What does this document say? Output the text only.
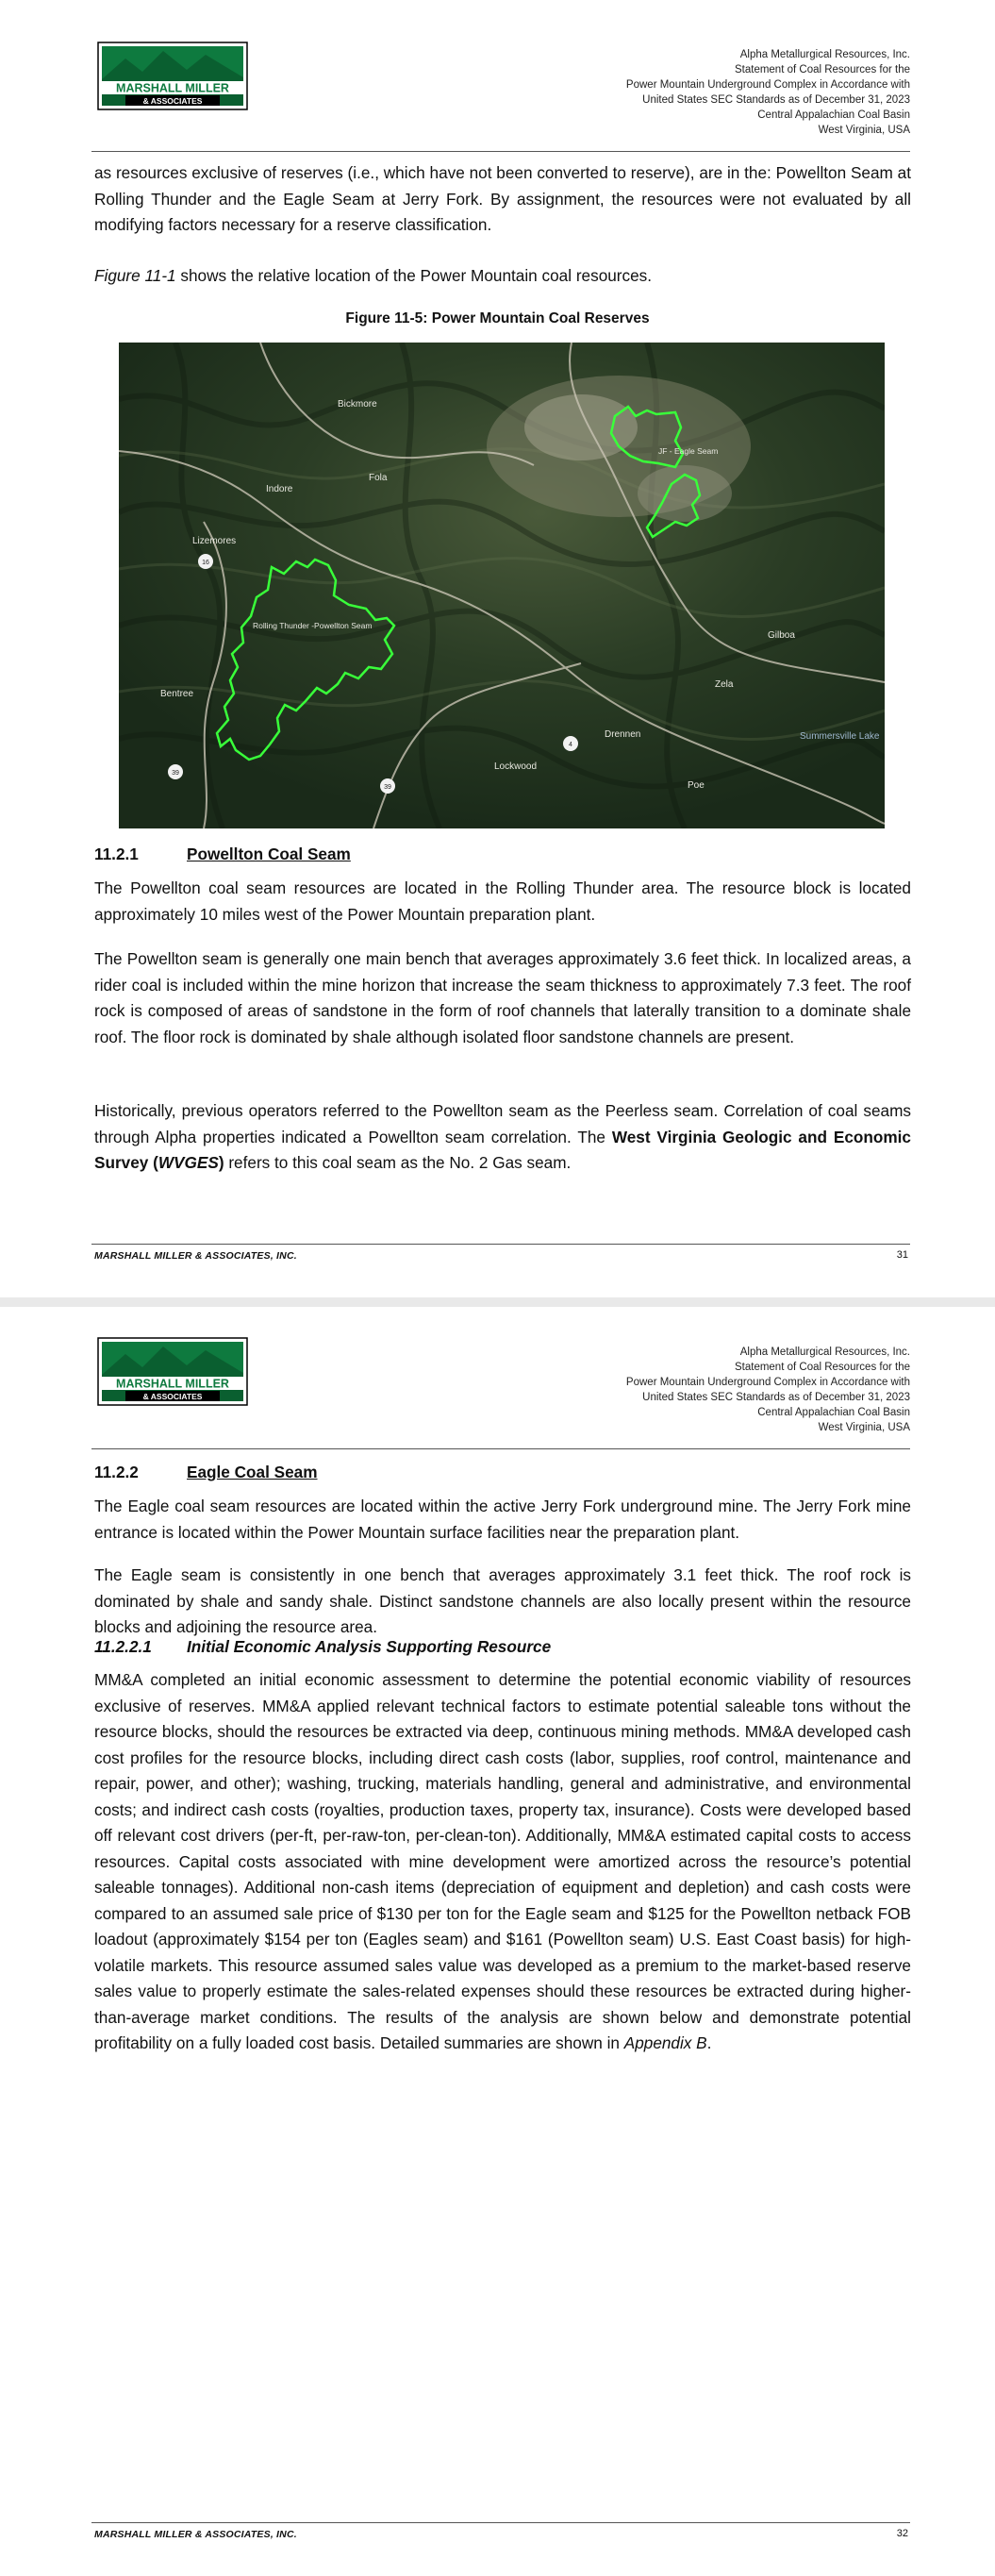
MARSHALL MILLER
& ASSOCIATES
Alpha Metallurgical Resources, Inc.
Statement of Coal Resources for the
Power Mountain Underground Complex in Accordance with
United States SEC Standards as of December 31, 2023
Central Appalachian Coal Basin
West Virginia, USA

as resources exclusive of reserves (i.e., which have not been converted to reserve), are in the: Powellton Seam at Rolling Thunder and the Eagle Seam at Jerry Fork. By assignment, the resources were not evaluated by all modifying factors necessary for a reserve classification.

Figure 11-1 shows the relative location of the Power Mountain coal resources.

Figure 11-5: Power Mountain Coal Reserves
16
39
39
4
Bickmore
Indore
Fola
Lizemores
Rolling Thunder -Powellton Seam
JF - Eagle Seam
Gilboa
Bentree
Zela
Summersville Lake
Drennen
Lockwood
Poe
11.2.1	Powellton Coal Seam

The Powellton coal seam resources are located in the Rolling Thunder area. The resource block is located approximately 10 miles west of the Power Mountain preparation plant.

The Powellton seam is generally one main bench that averages approximately 3.6 feet thick. In localized areas, a rider coal is included within the mine horizon that increase the seam thickness to approximately 7.3 feet. The roof rock is composed of areas of sandstone in the form of roof channels that laterally transition to a dominate shale roof. The floor rock is dominated by shale although isolated floor sandstone channels are present.

Historically, previous operators referred to the Powellton seam as the Peerless seam. Correlation of coal seams through Alpha properties indicated a Powellton seam correlation. The West Virginia Geologic and Economic Survey (WVGES) refers to this coal seam as the No. 2 Gas seam.

MARSHALL MILLER & ASSOCIATES, INC.	31
MARSHALL MILLER
& ASSOCIATES
Alpha Metallurgical Resources, Inc.
Statement of Coal Resources for the
Power Mountain Underground Complex in Accordance with
United States SEC Standards as of December 31, 2023
Central Appalachian Coal Basin
West Virginia, USA
11.2.2	Eagle Coal Seam

The Eagle coal seam resources are located within the active Jerry Fork underground mine. The Jerry Fork mine entrance is located within the Power Mountain surface facilities near the preparation plant.

The Eagle seam is consistently in one bench that averages approximately 3.1 feet thick. The roof rock is dominated by shale and sandy shale. Distinct sandstone channels are also locally present within the resource blocks and adjoining the resource area.

11.2.2.1 Initial Economic Analysis Supporting Resource

MM&A completed an initial economic assessment to determine the potential economic viability of resources exclusive of reserves. MM&A applied relevant technical factors to estimate potential saleable tons without the resource blocks, should the resources be extracted via deep, continuous mining methods. MM&A developed cash cost profiles for the resource blocks, including direct cash costs (labor, supplies, roof control, maintenance and repair, power, and other); washing, trucking, materials handling, general and administrative, and environmental costs; and indirect cash costs (royalties, production taxes, property tax, insurance). Costs were developed based off relevant cost drivers (per-ft, per-raw-ton, per-clean-ton). Additionally, MM&A estimated capital costs to access resources. Capital costs associated with mine development were amortized across the resource’s potential saleable tonnages). Additional non-cash items (depreciation of equipment and depletion) and cash costs were compared to an assumed sale price of $130 per ton for the Eagle seam and $125 for the Powellton netback FOB loadout (approximately $154 per ton (Eagles seam) and $161 (Powellton seam) U.S. East Coast basis) for high-volatile markets. This resource assumed sales value was developed as a premium to the market-based reserve sales value to properly estimate the sales-related expenses should these resources be extracted during higher-than-average market conditions. The results of the analysis are shown below and demonstrate potential profitability on a fully loaded cost basis. Detailed summaries are shown in Appendix B.

MARSHALL MILLER & ASSOCIATES, INC.	32
